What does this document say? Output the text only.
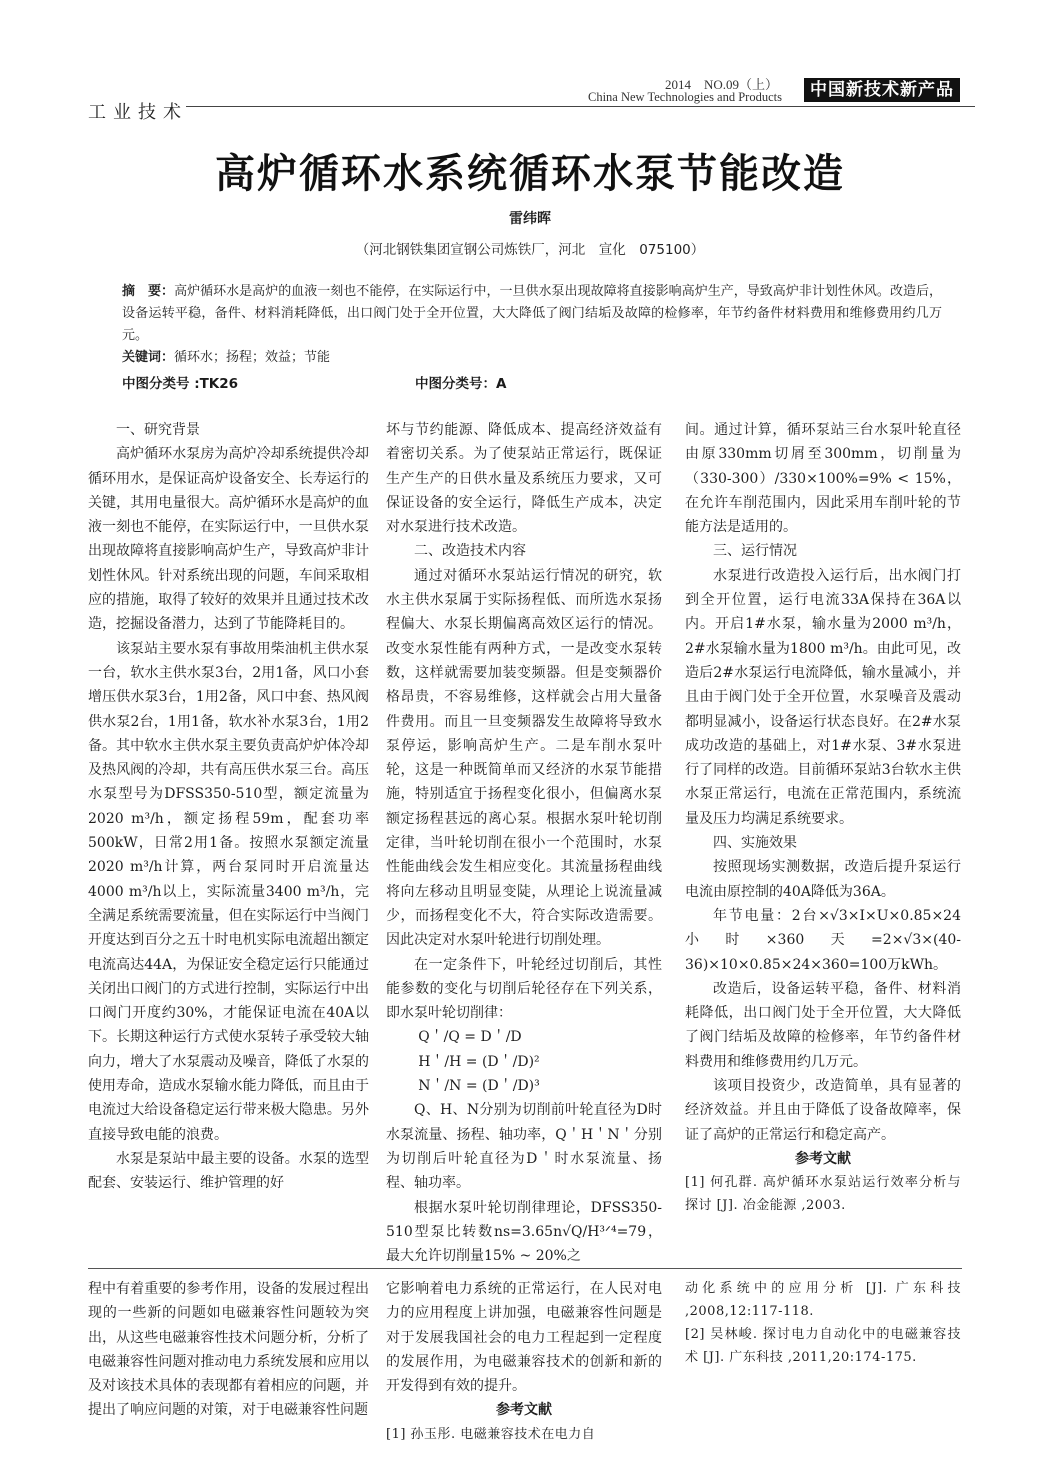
工业技术
2014　NO.09（上）
China New Technologies and Products	中国新技术新产品
高炉循环水系统循环水泵节能改造
雷纬晖
（河北钢铁集团宣钢公司炼铁厂，河北　宣化　075100）

摘　要：高炉循环水是高炉的血液一刻也不能停，在实际运行中，一旦供水泵出现故障将直接影响高炉生产，导致高炉非计划性休风。改造后，设备运转平稳，备件、材料消耗降低，出口阀门处于全开位置，大大降低了阀门结垢及故障的检修率，年节约备件材料费用和维修费用约几万元。

关键词：循环水；扬程；效益；节能

中图分类号 :TK26	中图分类号：A
一、研究背景

高炉循环水泵房为高炉冷却系统提供冷却循环用水，是保证高炉设备安全、长寿运行的关键，其用电量很大。高炉循环水是高炉的血液一刻也不能停，在实际运行中，一旦供水泵出现故障将直接影响高炉生产，导致高炉非计划性休风。针对系统出现的问题，车间采取相应的措施，取得了较好的效果并且通过技术改造，挖掘设备潜力，达到了节能降耗目的。

该泵站主要水泵有事故用柴油机主供水泵一台，软水主供水泵3台，2用1备，风口小套增压供水泵3台，1用2备，风口中套、热风阀供水泵2台，1用1备，软水补水泵3台，1用2备。其中软水主供水泵主要负责高炉炉体冷却及热风阀的冷却，共有高压供水泵三台。高压水泵型号为DFSS350-510型，额定流量为2020 m³/h，额定扬程59m，配套功率500kW，日常2用1备。按照水泵额定流量2020 m³/h计算，两台泵同时开启流量达4000 m³/h以上，实际流量3400 m³/h，完全满足系统需要流量，但在实际运行中当阀门开度达到百分之五十时电机实际电流超出额定电流高达44A，为保证安全稳定运行只能通过关闭出口阀门的方式进行控制，实际运行中出口阀门开度约30%，才能保证电流在40A以下。长期这种运行方式使水泵转子承受较大轴向力，增大了水泵震动及噪音，降低了水泵的使用寿命，造成水泵输水能力降低，而且由于电流过大给设备稳定运行带来极大隐患。另外直接导致电能的浪费。

水泵是泵站中最主要的设备。水泵的选型配套、安装运行、维护管理的好

坏与节约能源、降低成本、提高经济效益有着密切关系。为了使泵站正常运行，既保证生产生产的日供水量及系统压力要求，又可保证设备的安全运行，降低生产成本，决定对水泵进行技术改造。

二、改造技术内容

通过对循环水泵站运行情况的研究，软水主供水泵属于实际扬程低、而所选水泵扬程偏大、水泵长期偏离高效区运行的情况。改变水泵性能有两种方式，一是改变水泵转数，这样就需要加装变频器。但是变频器价格昂贵，不容易维修，这样就会占用大量备件费用。而且一旦变频器发生故障将导致水泵停运，影响高炉生产。二是车削水泵叶轮，这是一种既简单而又经济的水泵节能措施，特别适宜于扬程变化很小，但偏离水泵额定扬程甚远的离心泵。根据水泵叶轮切削定律，当叶轮切削在很小一个范围时，水泵性能曲线会发生相应变化。其流量扬程曲线将向左移动且明显变陡，从理论上说流量减少，而扬程变化不大，符合实际改造需要。因此决定对水泵叶轮进行切削处理。

在一定条件下，叶轮经过切削后，其性能参数的变化与切削后轮径存在下列关系，即水泵叶轮切削律：

Q＇/Q = D＇/D

H＇/H = (D＇/D)²

N＇/N = (D＇/D)³

Q、H、N分别为切削前叶轮直径为D时水泵流量、扬程、轴功率，Q＇H＇N＇分别为切削后叶轮直径为D＇时水泵流量、扬程、轴功率。

根据水泵叶轮切削律理论，DFSS350-510型泵比转数ns=3.65n√Q/H³ᐟ⁴=79，最大允许切削量15% ~ 20%之

间。通过计算，循环泵站三台水泵叶轮直径由原330mm切屑至300mm，切削量为（330-300）/330×100%=9% < 15%，在允许车削范围内，因此采用车削叶轮的节能方法是适用的。

三、运行情况

水泵进行改造投入运行后，出水阀门打到全开位置，运行电流33A保持在36A以内。开启1#水泵，输水量为2000 m³/h，2#水泵输水量为1800 m³/h。由此可见，改造后2#水泵运行电流降低，输水量减小，并且由于阀门处于全开位置，水泵噪音及震动都明显减小，设备运行状态良好。在2#水泵成功改造的基础上，对1#水泵、3#水泵进行了同样的改造。目前循环泵站3台软水主供水泵正常运行，电流在正常范围内，系统流量及压力均满足系统要求。

四、实施效果

按照现场实测数据，改造后提升泵运行电流由原控制的40A降低为36A。

年节电量：2台×√3×I×U×0.85×24小时×360天=2×√3×(40-36)×10×0.85×24×360=100万kWh。

改造后，设备运转平稳，备件、材料消耗降低，出口阀门处于全开位置，大大降低了阀门结垢及故障的检修率，年节约备件材料费用和维修费用约几万元。

该项目投资少，改造简单，具有显著的经济效益。并且由于降低了设备故障率，保证了高炉的正常运行和稳定高产。

参考文献

[1] 何孔群. 高炉循环水泵站运行效率分析与探讨 [J]. 冶金能源 ,2003.

程中有着重要的参考作用，设备的发展过程出现的一些新的问题如电磁兼容性问题较为突出，从这些电磁兼容性技术问题分析，分析了电磁兼容性问题对推动电力系统发展和应用以及对该技术具体的表现都有着相应的问题，并提出了响应问题的对策，对于电磁兼容性问题

它影响着电力系统的正常运行，在人民对电力的应用程度上讲加强，电磁兼容性问题是对于发展我国社会的电力工程起到一定程度的发展作用，为电磁兼容技术的创新和新的开发得到有效的提升。

参考文献

[1] 孙玉彤. 电磁兼容技术在电力自

动化系统中的应用分析 [J]. 广东科技 ,2008,12:117-118.

[2] 吴林峻. 探讨电力自动化中的电磁兼容技术 [J]. 广东科技 ,2011,20:174-175.
